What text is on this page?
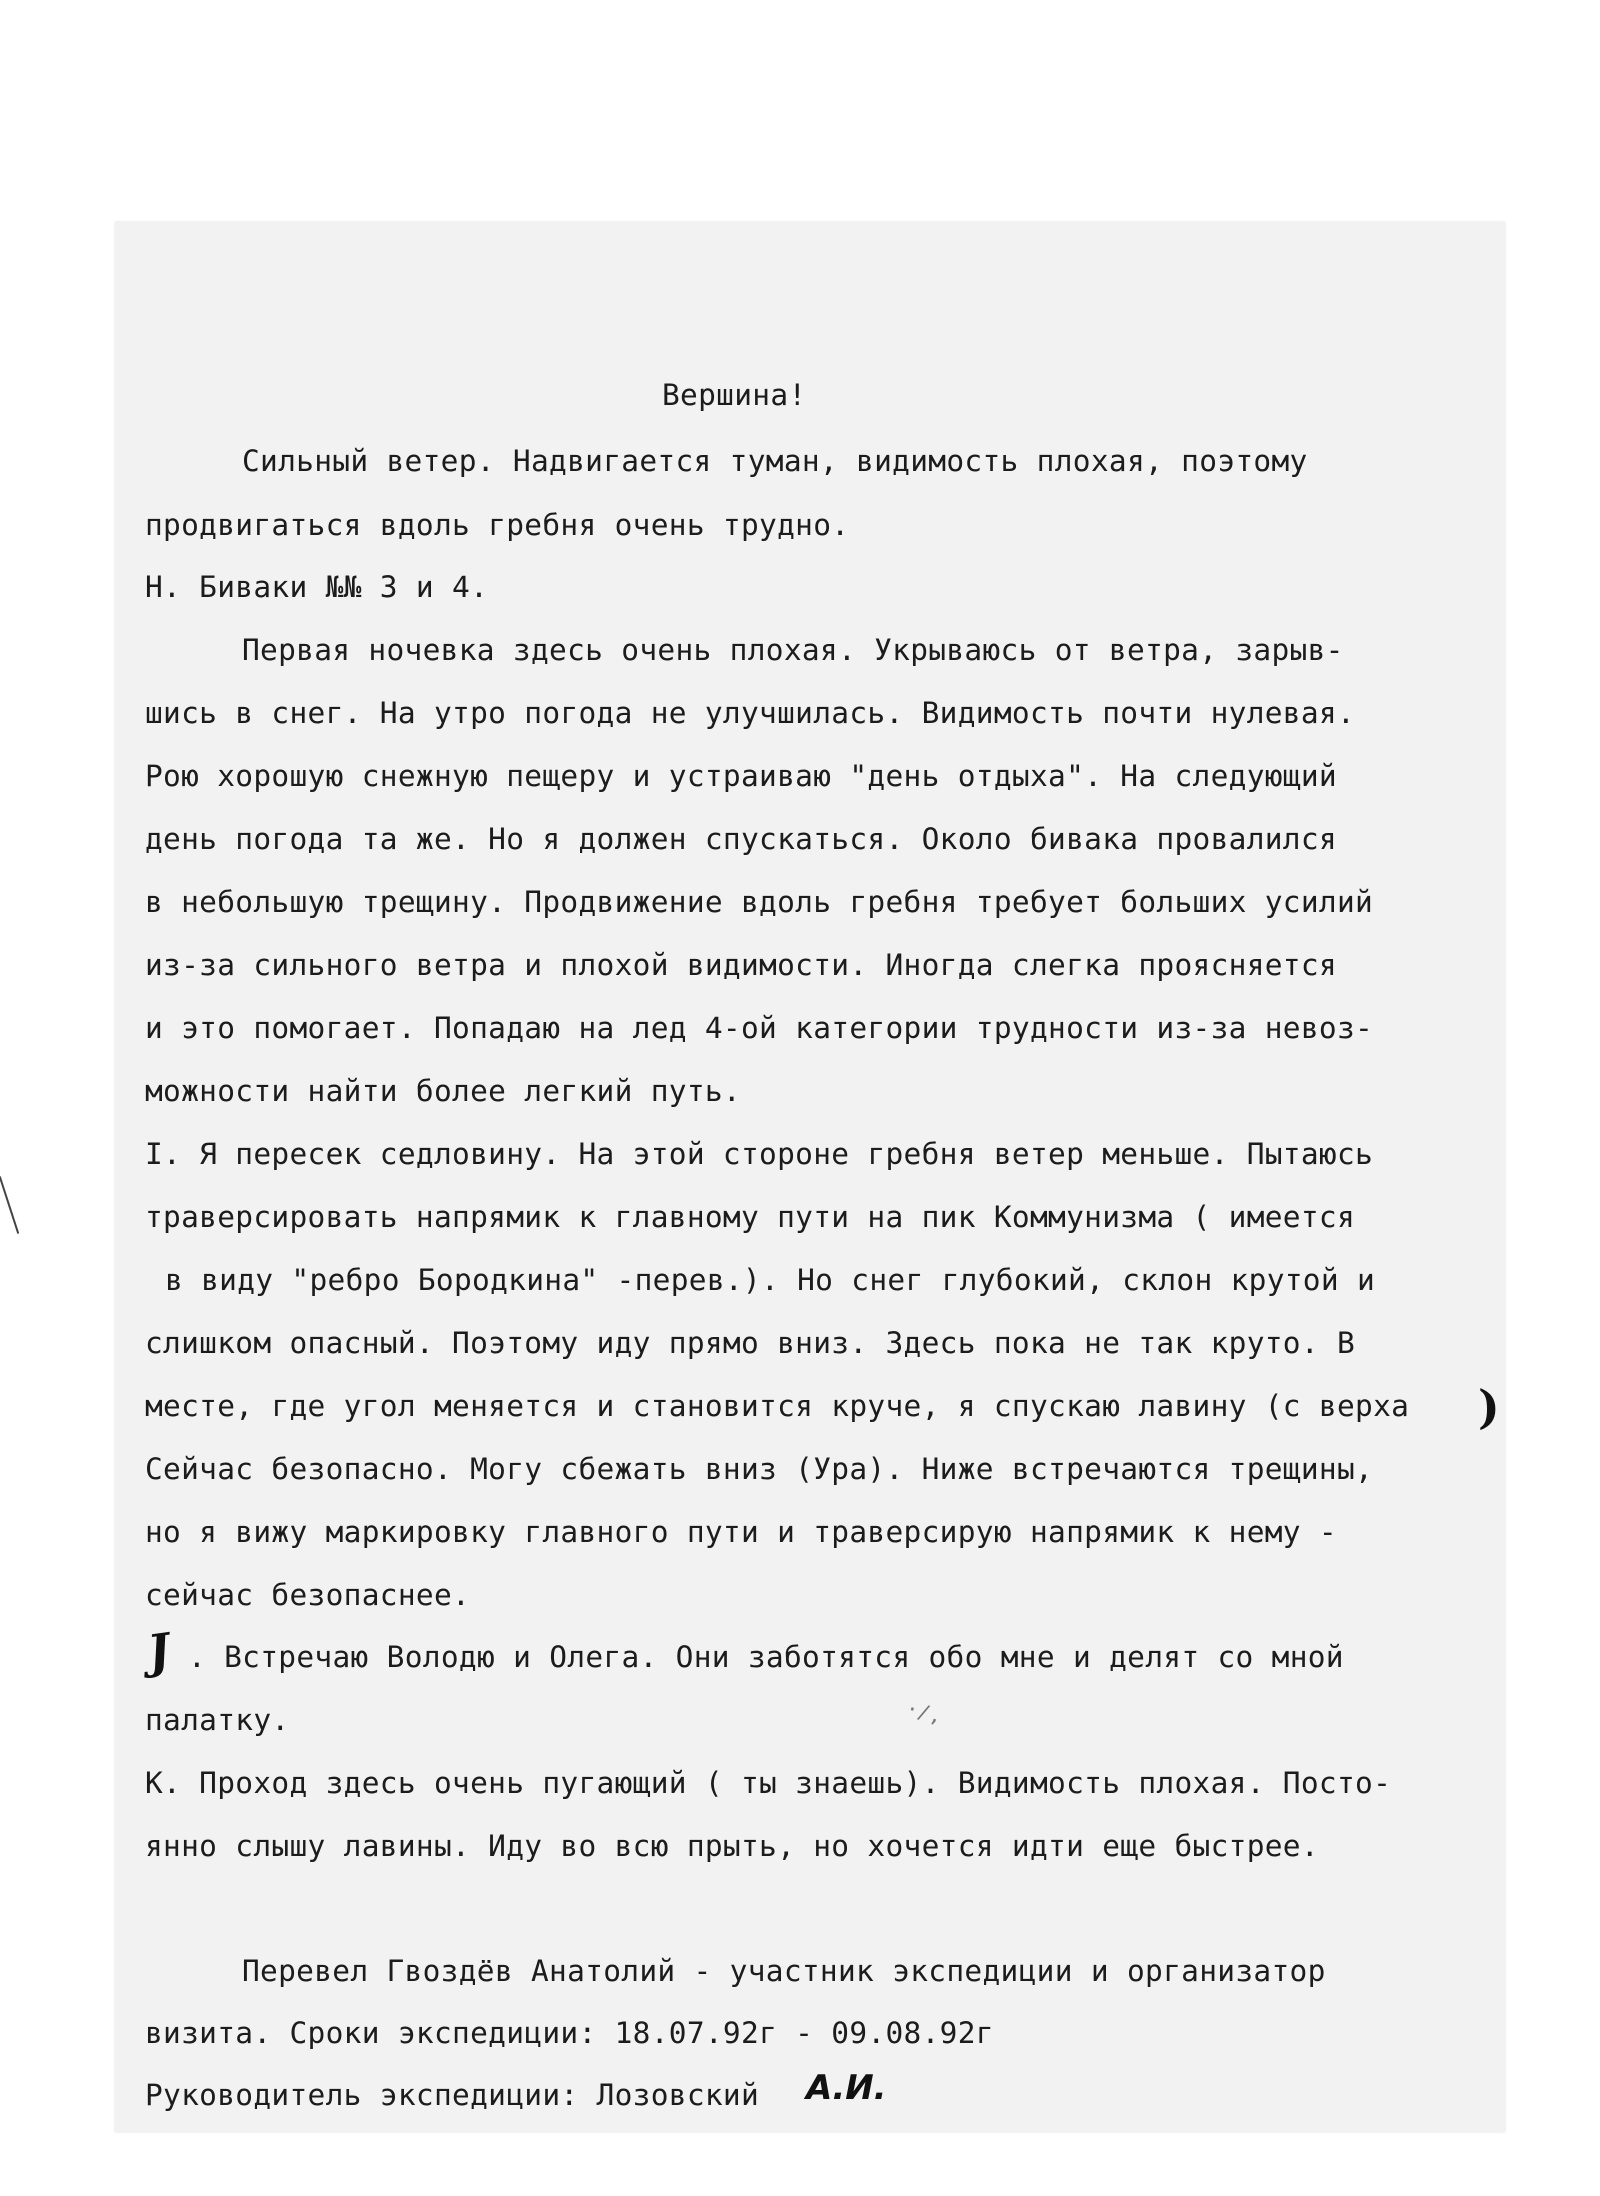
Вершина!
Сильный ветер. Надвигается туман, видимость плохая, поэтому
продвигаться вдоль гребня очень трудно.
Н. Биваки №№ 3 и 4.
Первая ночевка здесь очень плохая. Укрываюсь от ветра, зарыв-
шись в снег. На утро погода не улучшилась. Видимость почти нулевая.
Рою хорошую снежную пещеру и устраиваю "день отдыха". На следующий
день погода та же. Но я должен спускаться. Около бивака провалился
в небольшую трещину. Продвижение вдоль гребня требует больших усилий
из-за сильного ветра и плохой видимости. Иногда слегка проясняется
и это помогает. Попадаю на лед 4-ой категории трудности из-за невоз-
можности найти более легкий путь.
I. Я пересек седловину. На этой стороне гребня ветер меньше. Пытаюсь
траверсировать напрямик к главному пути на пик Коммунизма ( имеется
в виду "ребро Бородкина" -перев.). Но снег глубокий, склон крутой и
слишком опасный. Поэтому иду прямо вниз. Здесь пока не так круто. В
месте, где угол меняется и становится круче, я спускаю лавину (с верха
Сейчас безопасно. Могу сбежать вниз (Ура). Ниже встречаются трещины,
но я вижу маркировку главного пути и траверсирую напрямик к нему -
сейчас безопаснее.
. Встречаю Володю и Олега. Они заботятся обо мне и делят со мной
палатку.
К. Проход здесь очень пугающий ( ты знаешь). Видимость плохая. Посто-
янно слышу лавины. Иду во всю прыть, но хочется идти еще быстрее.
Перевел Гвоздёв Анатолий - участник экспедиции и организатор
визита. Сроки экспедиции: 18.07.92г - 09.08.92г
Руководитель экспедиции: Лозовский
J
)
А.И.
·/,
